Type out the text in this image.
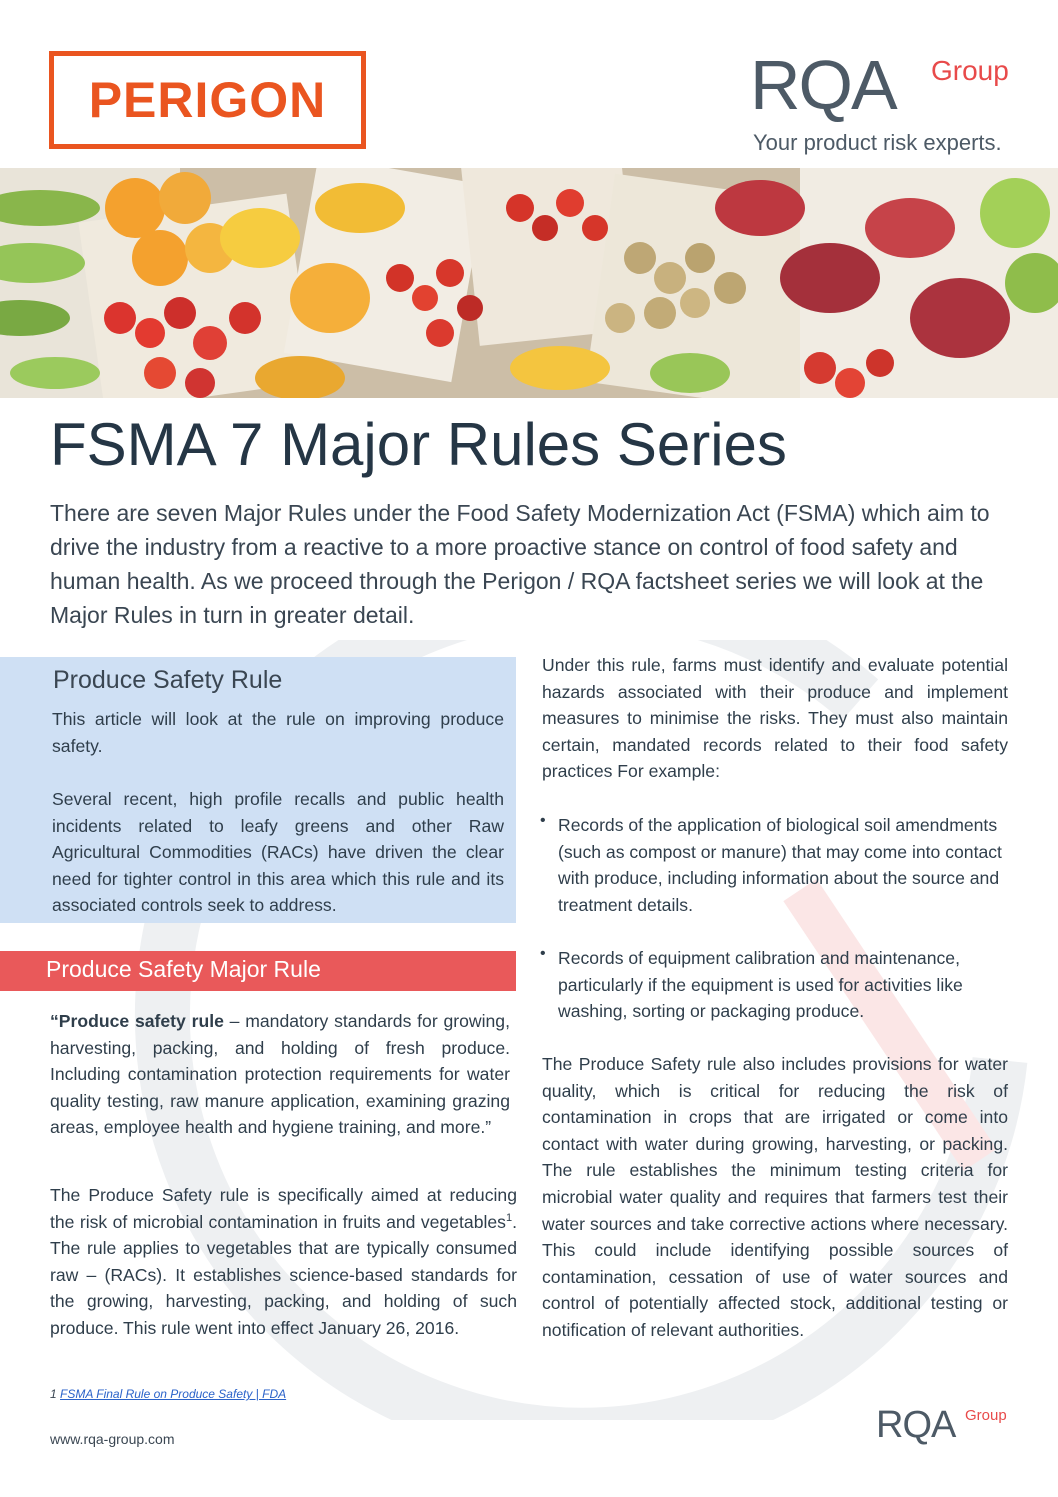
PERIGON	RQA Group
Your product risk experts.
FSMA 7 Major Rules Series
There are seven Major Rules under the Food Safety Modernization Act (FSMA) which aim to drive the industry from a reactive to a more proactive stance on control of food safety and human health. As we proceed through the Perigon / RQA factsheet series we will look at the Major Rules in turn in greater detail.
Produce Safety Rule
This article will look at the rule on improving produce safety.
Several recent, high profile recalls and public health incidents related to leafy greens and other Raw Agricultural Commodities (RACs) have driven the clear need for tighter control in this area which this rule and its associated controls seek to address.
Produce Safety Major Rule
“Produce safety rule – mandatory standards for growing, harvesting, packing, and holding of fresh produce. Including contamination protection requirements for water quality testing, raw manure application, examining grazing areas, employee health and hygiene training, and more.”
The Produce Safety rule is specifically aimed at reducing the risk of microbial contamination in fruits and vegetables$^1$. The rule applies to vegetables that are typically consumed raw – (RACs). It establishes science-based standards for the growing, harvesting, packing, and holding of such produce. This rule went into effect January 26, 2016.
1 FSMA Final Rule on Produce Safety | FDA
www.rqa-group.com
Under this rule, farms must identify and evaluate potential hazards associated with their produce and implement measures to minimise the risks. They must also maintain certain, mandated records related to their food safety practices For example:
• Records of the application of biological soil amendments (such as compost or manure) that may come into contact with produce, including information about the source and treatment details.
• Records of equipment calibration and maintenance, particularly if the equipment is used for activities like washing, sorting or packaging produce.
The Produce Safety rule also includes provisions for water quality, which is critical for reducing the risk of contamination in crops that are irrigated or come into contact with water during growing, harvesting, or packing. The rule establishes the minimum testing criteria for microbial water quality and requires that farmers test their water sources and take corrective actions where necessary. This could include identifying possible sources of contamination, cessation of use of water sources and control of potentially affected stock, additional testing or notification of relevant authorities.
RQA Group
